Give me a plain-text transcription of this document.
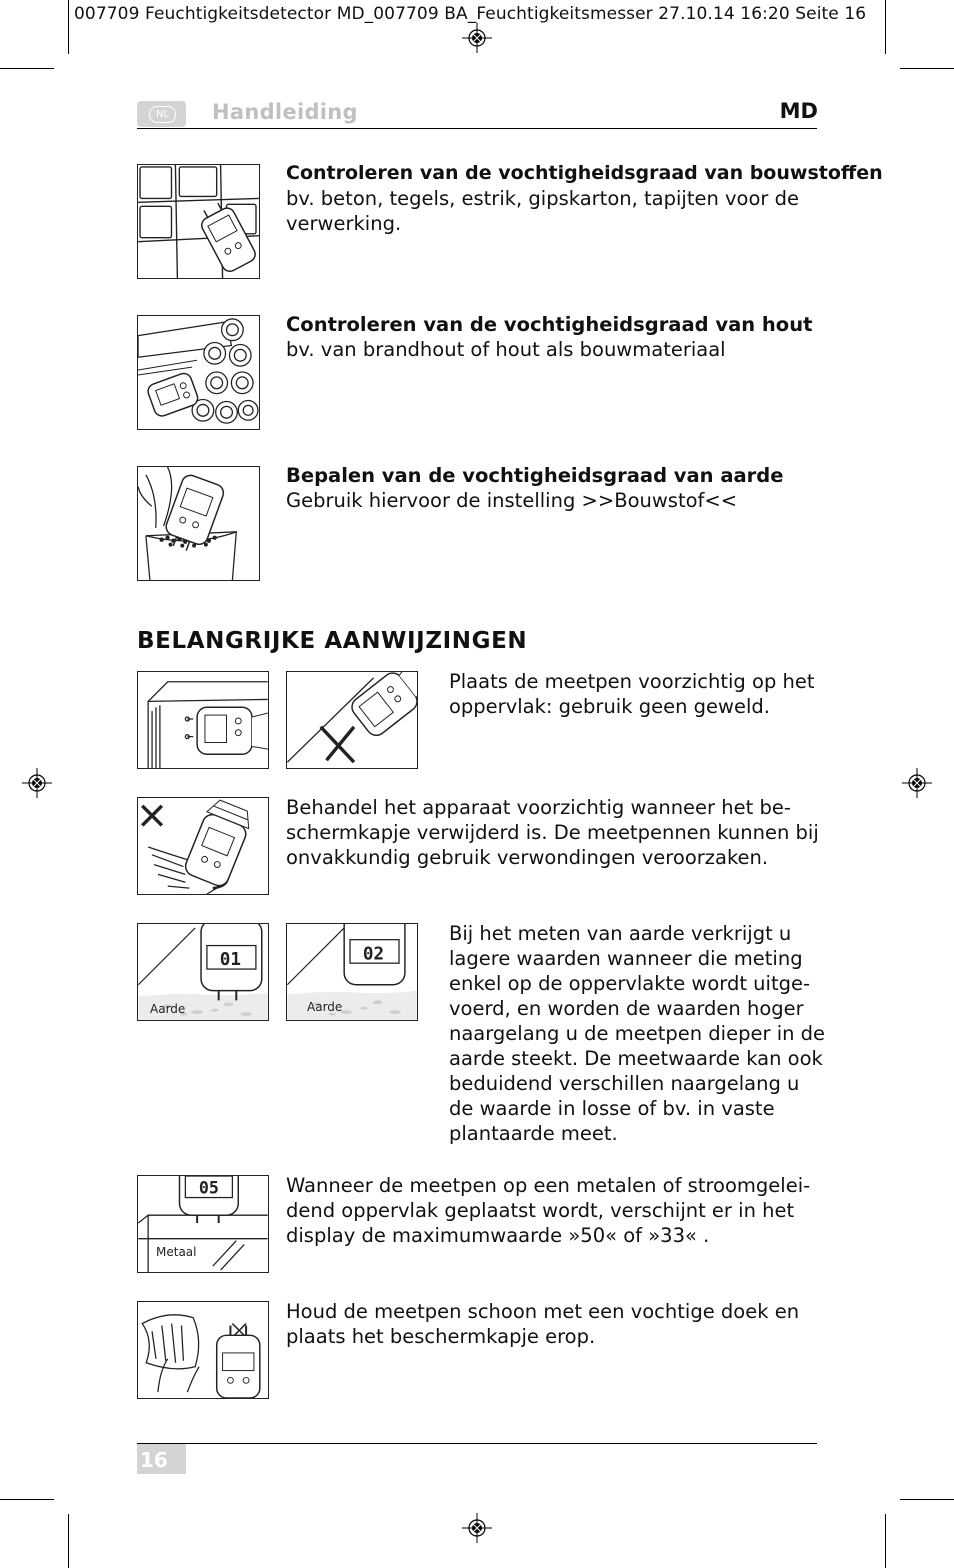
007709 Feuchtigkeitsdetector MD_007709 BA_Feuchtigkeitsmesser 27.10.14 16:20 Seite 16
NL	Handleiding	MD
Controleren van de vochtigheidsgraad van bouwstoffen
bv. beton, tegels, estrik, gipskarton, tapijten voor de
verwerking.
Controleren van de vochtigheidsgraad van hout
bv. van brandhout of hout als bouwmateriaal
Bepalen van de vochtigheidsgraad van aarde
Gebruik hiervoor de instelling >>Bouwstof<<
BELANGRIJKE AANWIJZINGEN
Plaats de meetpen voorzichtig op het
oppervlak: gebruik geen geweld.
Behandel het apparaat voorzichtig wanneer het be-
schermkapje verwijderd is. De meetpennen kunnen bij
onvakkundig gebruik verwondingen veroorzaken.
01
Aarde
02
Aarde
Bij het meten van aarde verkrijgt u
lagere waarden wanneer die meting
enkel op de oppervlakte wordt uitge-
voerd, en worden de waarden hoger
naargelang u de meetpen dieper in de
aarde steekt. De meetwaarde kan ook
beduidend verschillen naargelang u
de waarde in losse of bv. in vaste
plantaarde meet.
05
Metaal
Wanneer de meetpen op een metalen of stroomgelei-
dend oppervlak geplaatst wordt, verschijnt er in het
display de maximumwaarde »50« of »33« .
Houd de meetpen schoon met een vochtige doek en
plaats het beschermkapje erop.
16
